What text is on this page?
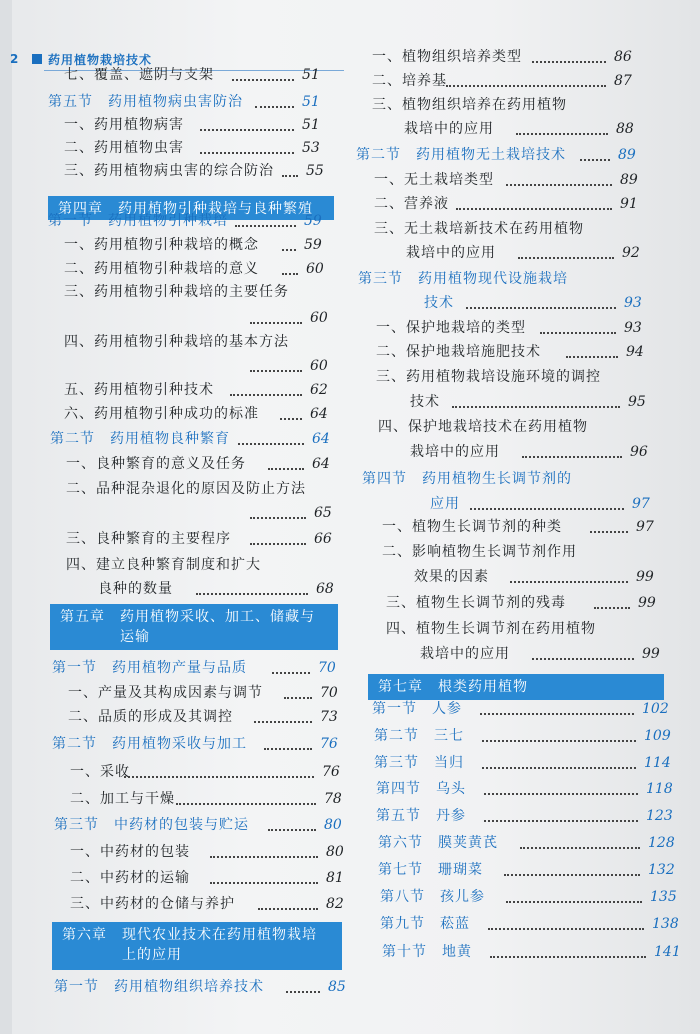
2	药用植物栽培技术
七、覆盖、遮阴与支架	51
第五节　药用植物病虫害防治	51
一、药用植物病害	51
二、药用植物虫害	53
三、药用植物病虫害的综合防治 55
第四章　药用植物引种栽培与良种繁殖
第一节　药用植物引种栽培	59
一、药用植物引种栽培的概念	59
二、药用植物引种栽培的意义	60
三、药用植物引种栽培的主要任务
60
四、药用植物引种栽培的基本方法
60
五、药用植物引种技术	62
六、药用植物引种成功的标准	64
第二节　药用植物良种繁育	64
一、良种繁育的意义及任务	64
二、品种混杂退化的原因及防止方法
65
三、良种繁育的主要程序	66
四、建立良种繁育制度和扩大
良种的数量	68
第五章　药用植物采收、加工、储藏与
　　　　运输
第一节　药用植物产量与品质	70
一、产量及其构成因素与调节	70
二、品质的形成及其调控	73
第二节　药用植物采收与加工	76
一、采收	76
二、加工与干燥	78
第三节　中药材的包装与贮运	80
一、中药材的包装	80
二、中药材的运输	81
三、中药材的仓储与养护	82
第六章　现代农业技术在药用植物栽培
　　　　上的应用
第一节　药用植物组织培养技术	85
一、植物组织培养类型	86
二、培养基	87
三、植物组织培养在药用植物
栽培中的应用	88
第二节　药用植物无土栽培技术	89
一、无土栽培类型	89
二、营养液	91
三、无土栽培新技术在药用植物
栽培中的应用	92
第三节　药用植物现代设施栽培
技术	93
一、保护地栽培的类型	93
二、保护地栽培施肥技术	94
三、药用植物栽培设施环境的调控
技术	95
四、保护地栽培技术在药用植物
栽培中的应用	96
第四节　药用植物生长调节剂的
应用	97
一、植物生长调节剂的种类	97
二、影响植物生长调节剂作用
效果的因素	99
三、植物生长调节剂的残毒	99
四、植物生长调节剂在药用植物
栽培中的应用	99
第七章　根类药用植物
第一节　人参	102
第二节　三七	109
第三节　当归	114
第四节　乌头	118
第五节　丹参	123
第六节　膜荚黄芪	128
第七节　珊瑚菜	132
第八节　孩儿参	135
第九节　菘蓝	138
第十节　地黄	141
